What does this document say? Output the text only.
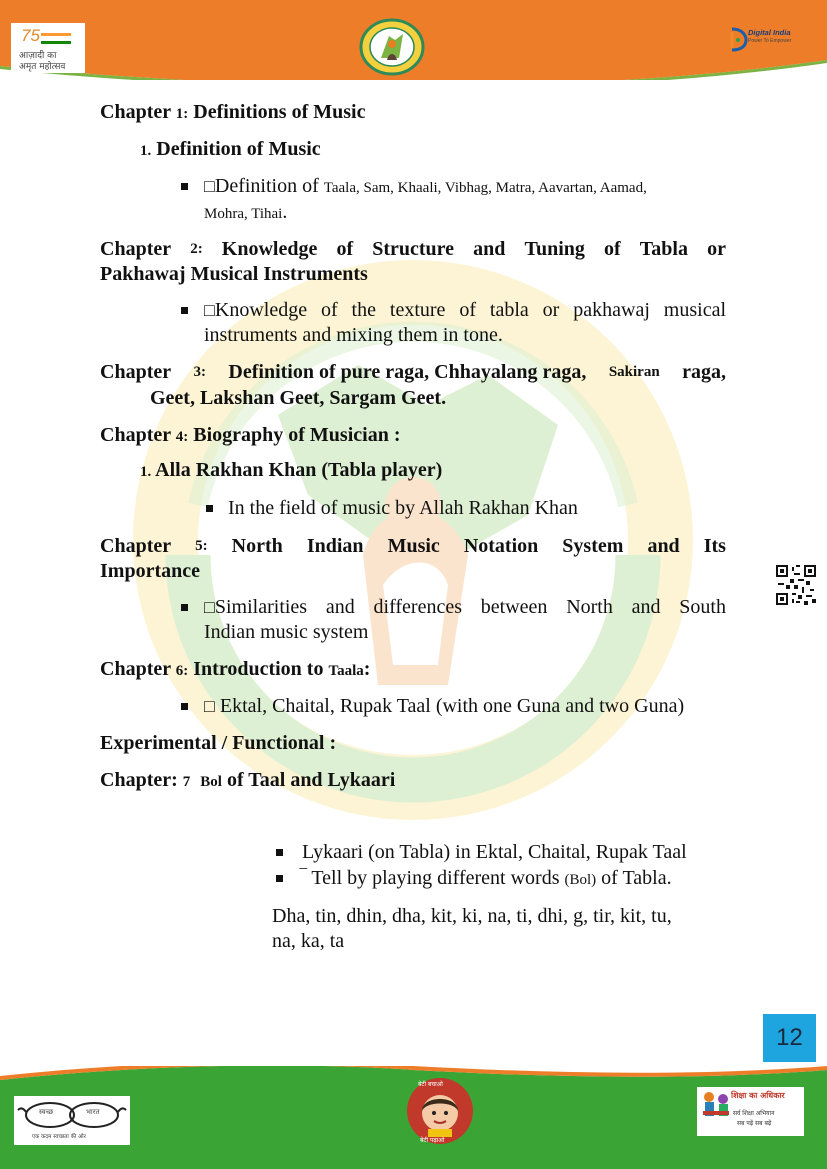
75
आज़ादी का
अमृत महोत्सव
Digital India
Power To Empower
Chapter 1: Definitions of Music
1. Definition of Music
□Definition of Taala, Sam, Khaali, Vibhag, Matra, Aavartan, Aamad,
Mohra, Tihai.
Chapter 2: Knowledge of Structure and Tuning of Tabla or
Pakhawaj Musical Instruments
□ Knowledge of the texture of tabla or pakhawaj musical
instruments and mixing them in tone.
Chapter 3: Definition of pure raga, Chhayalang raga, Sakiran raga,
Geet, Lakshan Geet, Sargam Geet.
Chapter 4: Biography of Musician :
1. Alla Rakhan Khan (Tabla player)
In the field of music by Allah Rakhan Khan
Chapter 5: North Indian Music Notation System and Its
Importance
□ Similarities and differences between North and South
Indian music system
Chapter 6: Introduction to Taala:
□ Ektal, Chaital, Rupak Taal (with one Guna and two Guna)
Experimental / Functional :
Chapter: 7 Bol of Taal and Lykaari
Lykaari (on Tabla) in Ektal, Chaital, Rupak Taal
‾ Tell by playing different words (Bol) of Tabla.
Dha, tin, dhin, dha, kit, ki, na, ti, dhi, g, tir, kit, tu,
na, ka, ta
12
स्वच्छ	भारत
एक कदम स्वच्छता की ओर
बेटी बचाओ
बेटी पढ़ाओ
शिक्षा का अधिकार
सर्व शिक्षा अभियान
सब पढ़ें सब बढ़ें
